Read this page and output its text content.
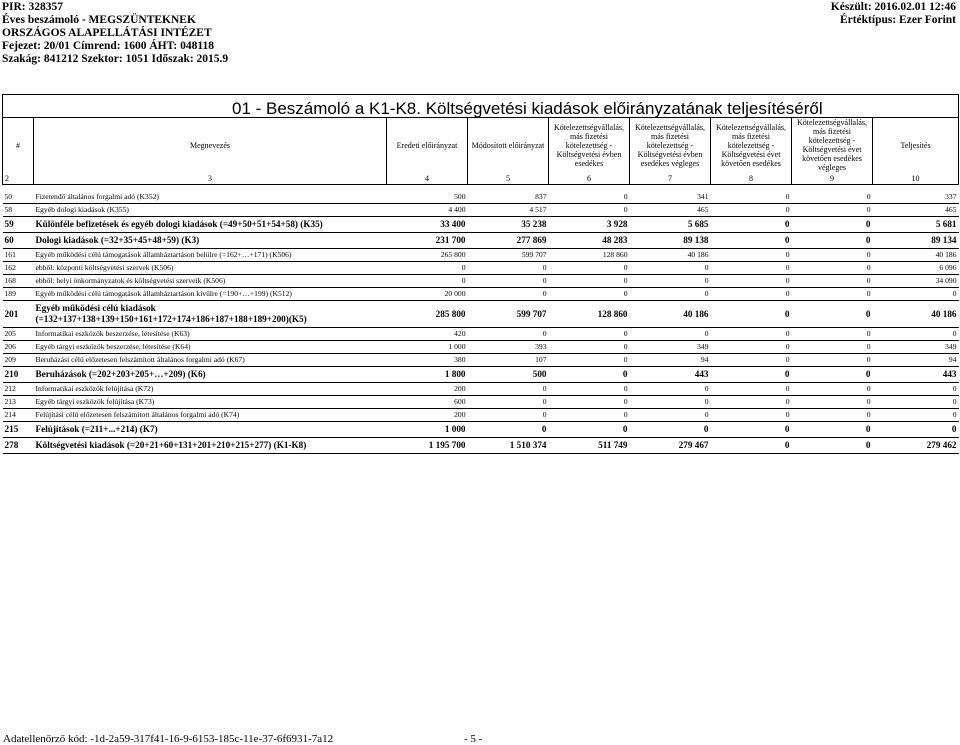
PIR: 328357
Éves beszámoló - MEGSZÜNTEKNEK
ORSZÁGOS ALAPELLÁTÁSI INTÉZET
Fejezet: 20/01 Címrend: 1600 ÁHT: 048118
Szakág: 841212 Szektor: 1051 Időszak: 2015.9
Készült: 2016.02.01 12:46
Értéktípus: Ezer Forint

#	Megnevezés	Eredeti előirányzat	Módosított előirányzat	Kötelezettségvállalás, más fizetési kötelezettség - Költségvetési évben esedékes	Kötelezettségvállalás, más fizetési kötelezettség - Költségvetési évben esedékes végleges	Kötelezettségvállalás, más fizetési kötelezettség - Költségvetési évet követően esedékes	Kötelezettségvállalás, más fizetési kötelezettség - Költségvetési évet követően esedékes végleges	Teljesítés
2	3	4	5	6	7	8	9	10

50	Fizetendő általános forgalmi adó (K352)	500	837	0	341	0	0	337
58	Egyéb dologi kiadások (K355)	4 400	4 517	0	465	0	0	465
59	Különféle befizetések és egyéb dologi kiadások (=49+50+51+54+58) (K35)	33 400	35 238	3 928	5 685	0	0	5 681
60	Dologi kiadások (=32+35+45+48+59) (K3)	231 700	277 869	48 283	89 138	0	0	89 134
161	Egyéb működési célú támogatások államháztartáson belülre (=162+…+171) (K506)	265 800	599 707	128 860	40 186	0	0	40 186
162	ebből: központi költségvetési szervek (K506)	0	0	0	0	0	0	6 096
168	ebből: helyi önkormányzatok és költségvetési szerveik (K506)	0	0	0	0	0	0	34 090
189	Egyéb működési célú támogatások államháztartáson kívülre (=190+…+199) (K512)	20 000	0	0	0	0	0	0
201	Egyéb működési célú kiadások
(=132+137+138+139+150+161+172+174+186+187+188+189+200)(K5)	285 800	599 707	128 860	40 186	0	0	40 186
205	Informatikai eszközök beszerzése, létesítése (K63)	420	0	0	0	0	0	0
206	Egyéb tárgyi eszközök beszerzése, létesítése (K64)	1 000	393	0	349	0	0	349
209	Beruházási célú előzetesen felszámított általános forgalmi adó (K67)	380	107	0	94	0	0	94
210	Beruházások (=202+203+205+…+209) (K6)	1 800	500	0	443	0	0	443
212	Informatikai eszközök felújítása (K72)	200	0	0	0	0	0	0
213	Egyéb tárgyi eszközök felújítása (K73)	600	0	0	0	0	0	0
214	Felújítási célú előzetesen felszámított általános forgalmi adó (K74)	200	0	0	0	0	0	0
215	Felújítások (=211+...+214) (K7)	1 000	0	0	0	0	0	0
278	Költségvetési kiadások (=20+21+60+131+201+210+215+277) (K1-K8)	1 195 700	1 510 374	511 749	279 467	0	0	279 462
01 - Beszámoló a K1-K8. Költségvetési kiadások előirányzatának teljesítéséről
Adatellenőrző kód: -1d-2a59-317f41-16-9-6153-185c-11e-37-6f6931-7a12	- 5 -
